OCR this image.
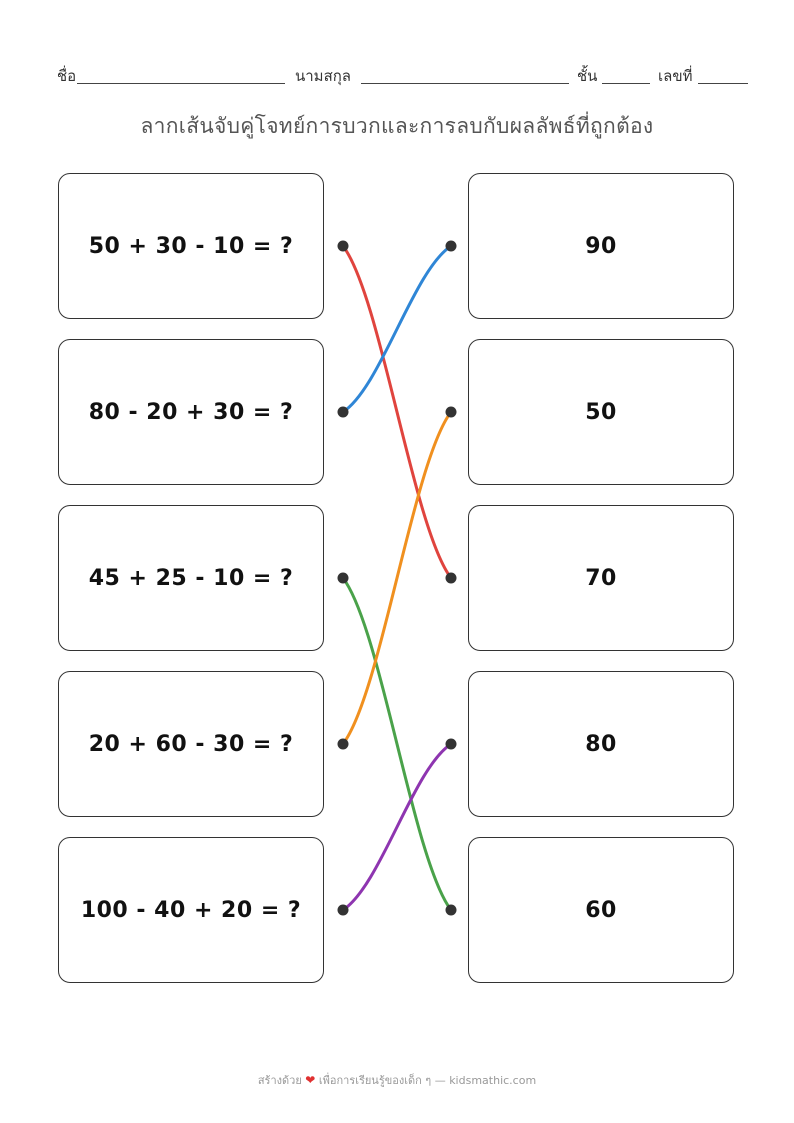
ชื่อ	นามสกุล	ชั้น	เลขที่
ลากเส้นจับคู่โจทย์การบวกและการลบกับผลลัพธ์ที่ถูกต้อง
50 + 30 - 10 = ?
80 - 20 + 30 = ?
45 + 25 - 10 = ?
20 + 60 - 30 = ?
100 - 40 + 20 = ?
90
50
70
80
60
สร้างด้วย ❤ เพื่อการเรียนรู้ของเด็ก ๆ — kidsmathic.com
